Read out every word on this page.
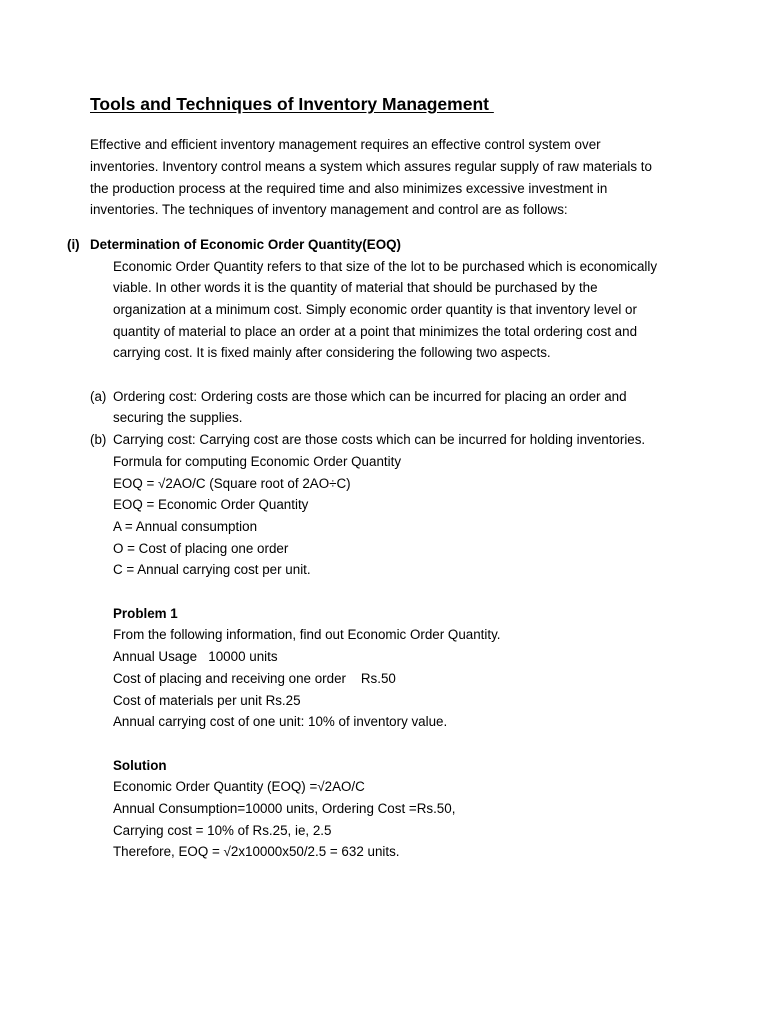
Tools and Techniques of Inventory Management
Effective and efficient inventory management requires an effective control system over
inventories. Inventory control means a system which assures regular supply of raw materials to
the production process at the required time and also minimizes excessive investment in
inventories. The techniques of inventory management and control are as follows:
(i) Determination of Economic Order Quantity(EOQ)
Economic Order Quantity refers to that size of the lot to be purchased which is economically
viable. In other words it is the quantity of material that should be purchased by the
organization at a minimum cost. Simply economic order quantity is that inventory level or
quantity of material to place an order at a point that minimizes the total ordering cost and
carrying cost. It is fixed mainly after considering the following two aspects.
(a) Ordering cost: Ordering costs are those which can be incurred for placing an order and
securing the supplies.
(b) Carrying cost: Carrying cost are those costs which can be incurred for holding inventories.
Formula for computing Economic Order Quantity
EOQ = √2AO/C (Square root of 2AO÷C)
EOQ = Economic Order Quantity
A = Annual consumption
O = Cost of placing one order
C = Annual carrying cost per unit.
Problem 1
From the following information, find out Economic Order Quantity.
Annual Usage   10000 units
Cost of placing and receiving one order    Rs.50
Cost of materials per unit Rs.25
Annual carrying cost of one unit: 10% of inventory value.
Solution
Economic Order Quantity (EOQ) =√2AO/C
Annual Consumption=10000 units, Ordering Cost =Rs.50,
Carrying cost = 10% of Rs.25, ie, 2.5
Therefore, EOQ = √2x10000x50/2.5 = 632 units.
